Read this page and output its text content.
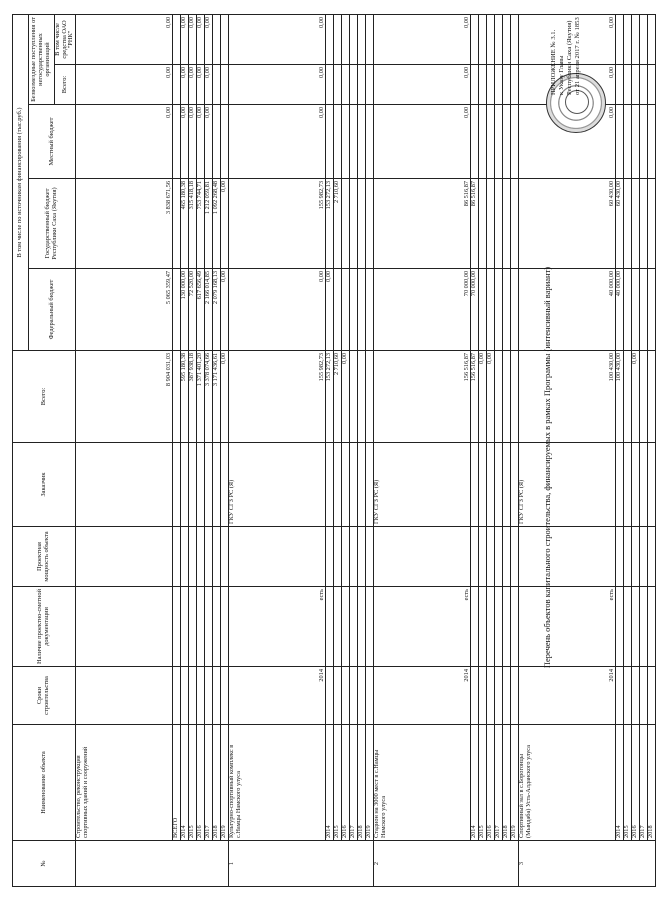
№	Наименование объекта	Сроки строительства	Наличие проектно-сметной документации	Проектная мощность объекта	Заказчик	Всего:	В том числе по источникам финансирования (тыс.руб.)				
							Федеральный бюджет	Государственный бюджет Республики Саха (Якутия)	Местный бюджет	Безвозмездные поступления от негосударственных организаций	
										Всего:	В том числе средства ОАО "РНК"
	Строительство, реконструкция спортивных зданий и сооружений					8 904 031,03	5 065 359,47	3 838 671,56	0,00	0,00	0,00
	ВСЕГО										
	2014					595 180,38	130 000,00	465 180,38	0,00	0,00	0,00
	2015					387 938,18	72 520,00	315 418,18	0,00	0,00	0,00
	2016					1 371 401,20	617 656,49	753 744,71	0,00	0,00	0,00
	2017					3 378 074,66	2 166 014,85	1 212 059,81	0,00	0,00	0,00
	2018					3 171 436,61	2 079 168,13	1 092 268,48			
	2019					0,00	0,00	0,00			
1	Культурно-спортивный комплекс в с.Намцы Намского улуса	2014	есть		ГКУ СГЗ РС (Я)	155 982,73	0,00	155 982,73	0,00	0,00	0,00
	2014					153 272,13	0,00	153 272,13			
	2015					2 710,60		2 710,60			
	2016					0,00					
	2017										
	2018										
	2019										
2	Стадион на 3000 мест в с.Намцы Намского улуса	2014	есть		ГКУ СГЗ РС (Я)	156 516,87	70 000,00	86 516,87	0,00	0,00	0,00
	2014					156 516,87	70 000,00	86 516,87			
	2015					0,00					
	2016					0,00					
	2017										
	2018										
	2019										
3	Спортивный зал в с.Борогонцы (Мындаба) Усть-Алданского улуса	2014	есть		ГКУ СГЗ РС (Я)	100 430,00	40 000,00	60 430,00	0,00	0,00	0,00
	2014					100 430,00	40 000,00	60 430,00			
	2015										
	2016					0,00					
	2017										
	2018										
Перечень объектов капитального строительства, финансируемых в рамках Программы (интенсивный вариант)
ПРИЛОЖЕНИЕ № 3.1. к Указу Главы Республики Саха (Якутия) от 21 апреля 2017 г. № 1853
